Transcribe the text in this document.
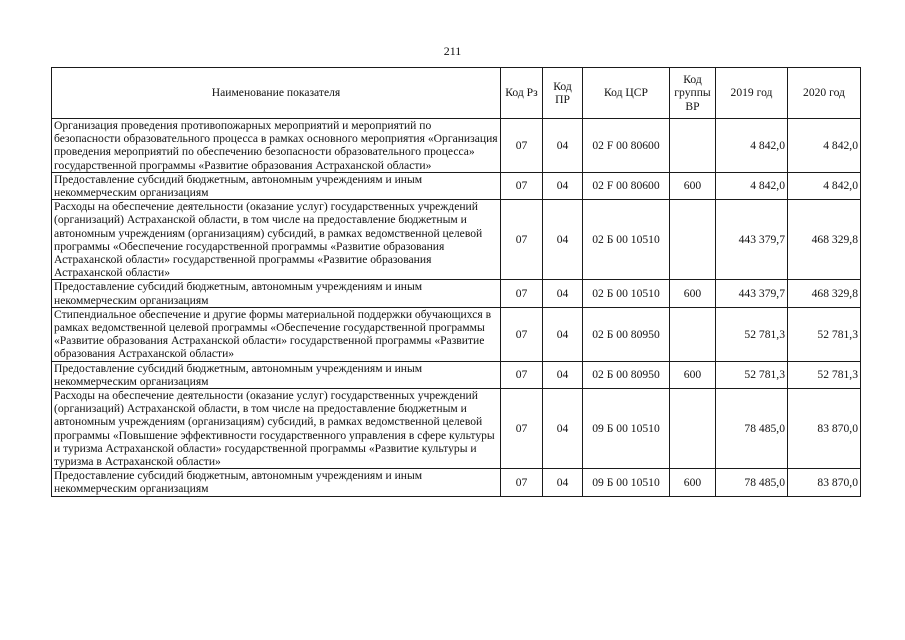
211
Наименование показателя	Код Рз	Код ПР	Код ЦСР	Код группы ВР	2019 год	2020 год
Организация проведения противопожарных мероприятий и мероприятий по безопасности образовательного процесса в рамках основного мероприятия «Организация проведения мероприятий по обеспечению безопасности образовательного процесса» государственной программы «Развитие образования Астраханской области»	07	04	02 F 00 80600		4 842,0	4 842,0
Предоставление субсидий бюджетным, автономным учреждениям и иным некоммерческим организациям	07	04	02 F 00 80600	600	4 842,0	4 842,0
Расходы на обеспечение деятельности (оказание услуг) государственных учреждений (организаций) Астраханской области, в том числе на предоставление бюджетным и автономным учреждениям (организациям) субсидий, в рамках ведомственной целевой программы «Обеспечение государственной программы «Развитие образования Астраханской области» государственной программы «Развитие образования Астраханской области»	07	04	02 Б 00 10510		443 379,7	468 329,8
Предоставление субсидий бюджетным, автономным учреждениям и иным некоммерческим организациям	07	04	02 Б 00 10510	600	443 379,7	468 329,8
Стипендиальное обеспечение и другие формы материальной поддержки обучающихся в рамках ведомственной целевой программы «Обеспечение государственной программы «Развитие образования Астраханской области» государственной программы «Развитие образования Астраханской области»	07	04	02 Б 00 80950		52 781,3	52 781,3
Предоставление субсидий бюджетным, автономным учреждениям и иным некоммерческим организациям	07	04	02 Б 00 80950	600	52 781,3	52 781,3
Расходы на обеспечение деятельности (оказание услуг) государственных учреждений (организаций) Астраханской области, в том числе на предоставление бюджетным и автономным учреждениям (организациям) субсидий, в рамках ведомственной целевой программы «Повышение эффективности государственного управления в сфере культуры и туризма Астраханской области» государственной программы «Развитие культуры и туризма в Астраханской области»	07	04	09 Б 00 10510		78 485,0	83 870,0
Предоставление субсидий бюджетным, автономным учреждениям и иным некоммерческим организациям	07	04	09 Б 00 10510	600	78 485,0	83 870,0
